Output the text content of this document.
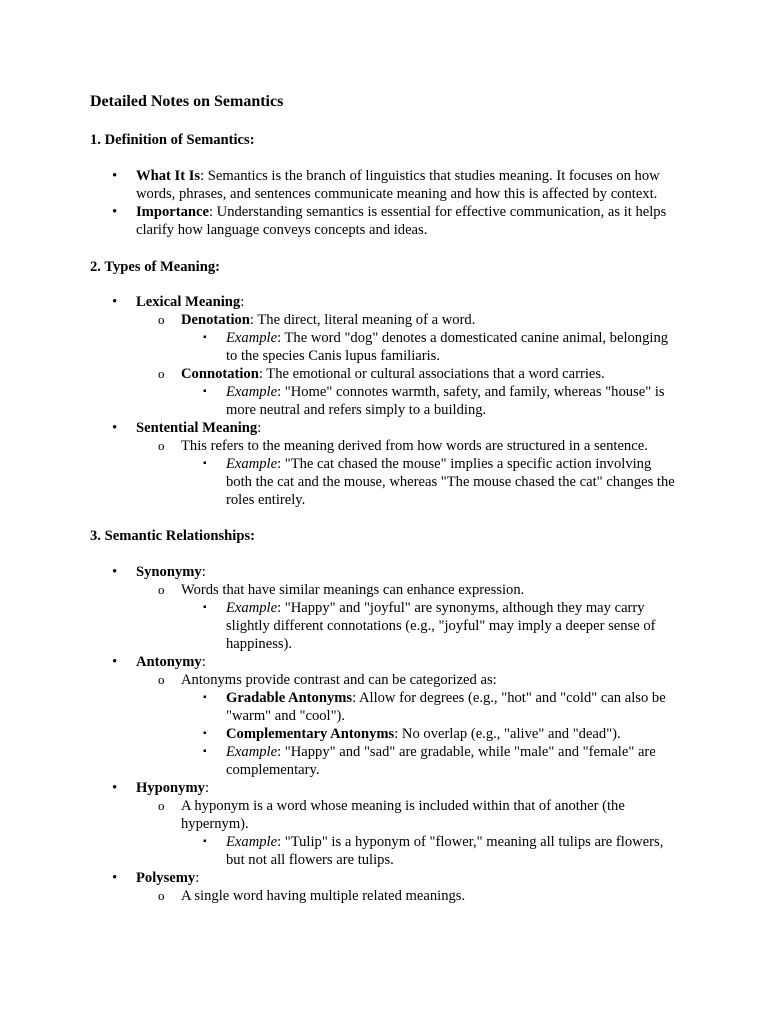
Detailed Notes on Semantics

1. Definition of Semantics:

• What It Is: Semantics is the branch of linguistics that studies meaning. It focuses on how words, phrases, and sentences communicate meaning and how this is affected by context.

• Importance: Understanding semantics is essential for effective communication, as it helps clarify how language conveys concepts and ideas.

2. Types of Meaning:

• Lexical Meaning:

o Denotation: The direct, literal meaning of a word.

▪ Example: The word "dog" denotes a domesticated canine animal, belonging to the species Canis lupus familiaris.

o Connotation: The emotional or cultural associations that a word carries.

▪ Example: "Home" connotes warmth, safety, and family, whereas "house" is more neutral and refers simply to a building.

• Sentential Meaning:

o This refers to the meaning derived from how words are structured in a sentence.

▪ Example: "The cat chased the mouse" implies a specific action involving both the cat and the mouse, whereas "The mouse chased the cat" changes the roles entirely.

3. Semantic Relationships:

• Synonymy:

o Words that have similar meanings can enhance expression.

▪ Example: "Happy" and "joyful" are synonyms, although they may carry slightly different connotations (e.g., "joyful" may imply a deeper sense of happiness).

• Antonymy:

o Antonyms provide contrast and can be categorized as:

▪ Gradable Antonyms: Allow for degrees (e.g., "hot" and "cold" can also be "warm" and "cool").

▪ Complementary Antonyms: No overlap (e.g., "alive" and "dead").

▪ Example: "Happy" and "sad" are gradable, while "male" and "female" are complementary.

• Hyponymy:

o A hyponym is a word whose meaning is included within that of another (the hypernym).

▪ Example: "Tulip" is a hyponym of "flower," meaning all tulips are flowers, but not all flowers are tulips.

• Polysemy:

o A single word having multiple related meanings.
